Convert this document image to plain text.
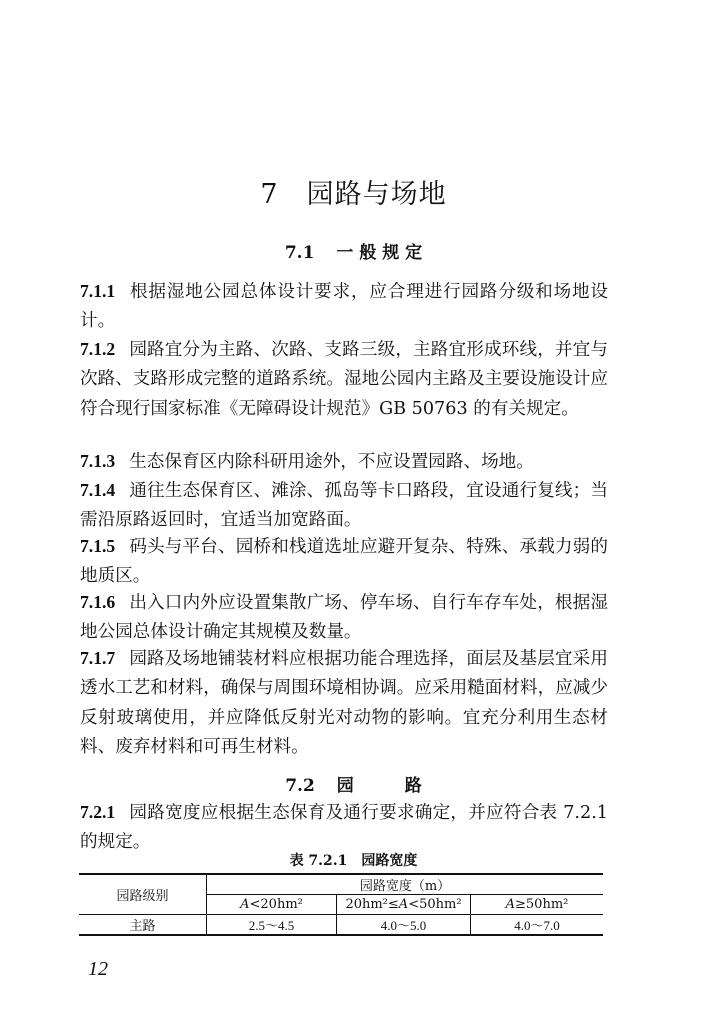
7　园路与场地
7.1 一 般 规 定
7.1.1 根据湿地公园总体设计要求，应合理进行园路分级和场地设计。
7.1.2 园路宜分为主路、次路、支路三级，主路宜形成环线，并宜与次路、支路形成完整的道路系统。湿地公园内主路及主要设施设计应符合现行国家标准《无障碍设计规范》GB 50763 的有关规定。
7.1.3 生态保育区内除科研用途外，不应设置园路、场地。
7.1.4 通往生态保育区、滩涂、孤岛等卡口路段，宜设通行复线；当需沿原路返回时，宜适当加宽路面。
7.1.5 码头与平台、园桥和栈道选址应避开复杂、特殊、承载力弱的地质区。
7.1.6 出入口内外应设置集散广场、停车场、自行车存车处，根据湿地公园总体设计确定其规模及数量。
7.1.7 园路及场地铺装材料应根据功能合理选择，面层及基层宜采用透水工艺和材料，确保与周围环境相协调。应采用糙面材料，应减少反射玻璃使用，并应降低反射光对动物的影响。宜充分利用生态材料、废弃材料和可再生材料。
7.2 园　　　路
7.2.1 园路宽度应根据生态保育及通行要求确定，并应符合表 7.2.1 的规定。
表 7.2.1　园路宽度
园路级别	园路宽度（m）		
	A<20hm²	20hm²≤A<50hm²	A≥50hm²
主路	2.5～4.5	4.0～5.0	4.0～7.0
12
